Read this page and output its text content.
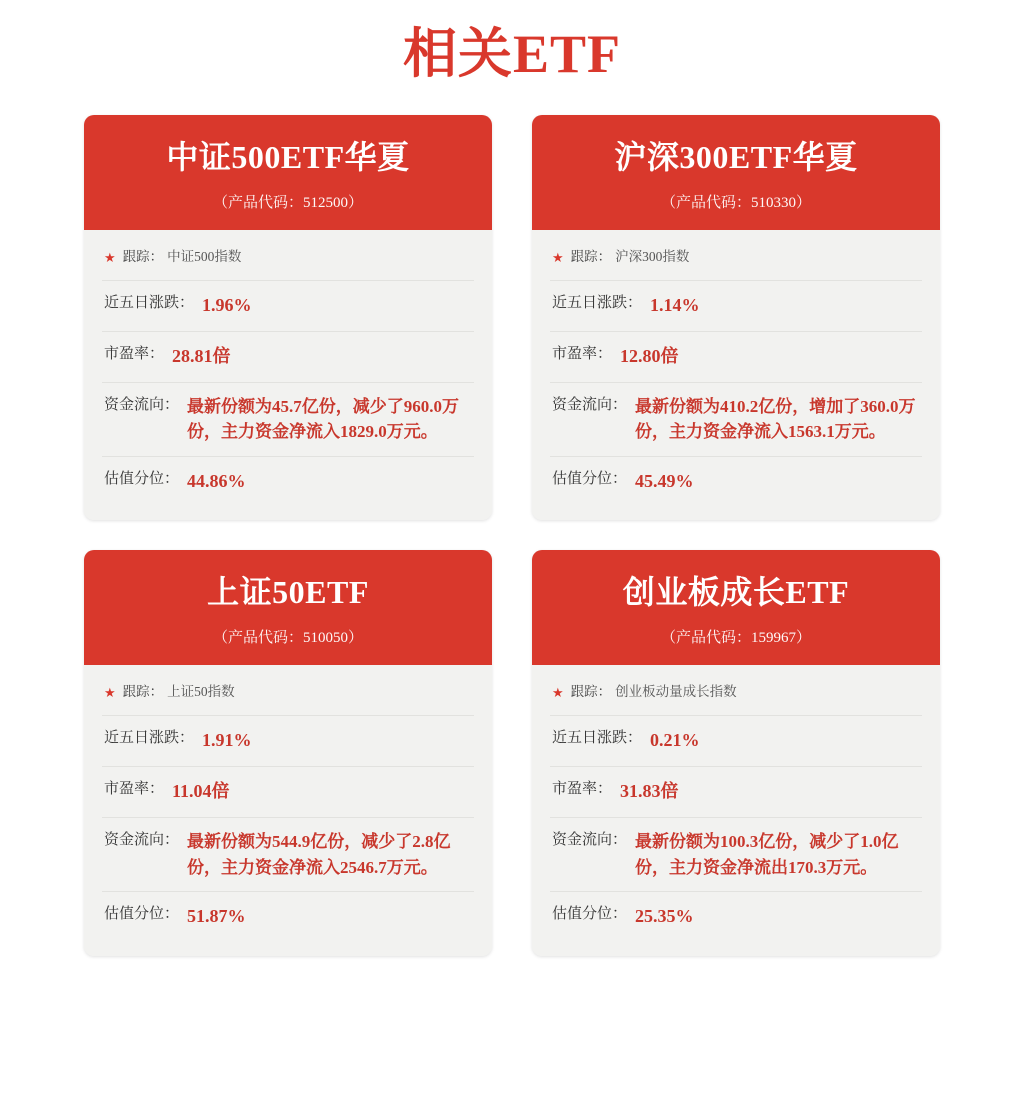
相关ETF
中证500ETF华夏
（产品代码：512500）
★ 跟踪： 中证500指数
近五日涨跌： 1.96%
市盈率： 28.81倍
资金流向： 最新份额为45.7亿份，减少了960.0万份，主力资金净流入1829.0万元。
估值分位： 44.86%
沪深300ETF华夏
（产品代码：510330）
★ 跟踪： 沪深300指数
近五日涨跌： 1.14%
市盈率： 12.80倍
资金流向： 最新份额为410.2亿份，增加了360.0万份，主力资金净流入1563.1万元。
估值分位： 45.49%
上证50ETF
（产品代码：510050）
★ 跟踪： 上证50指数
近五日涨跌： 1.91%
市盈率： 11.04倍
资金流向： 最新份额为544.9亿份，减少了2.8亿份，主力资金净流入2546.7万元。
估值分位： 51.87%
创业板成长ETF
（产品代码：159967）
★ 跟踪： 创业板动量成长指数
近五日涨跌： 0.21%
市盈率： 31.83倍
资金流向： 最新份额为100.3亿份，减少了1.0亿份，主力资金净流出170.3万元。
估值分位： 25.35%
